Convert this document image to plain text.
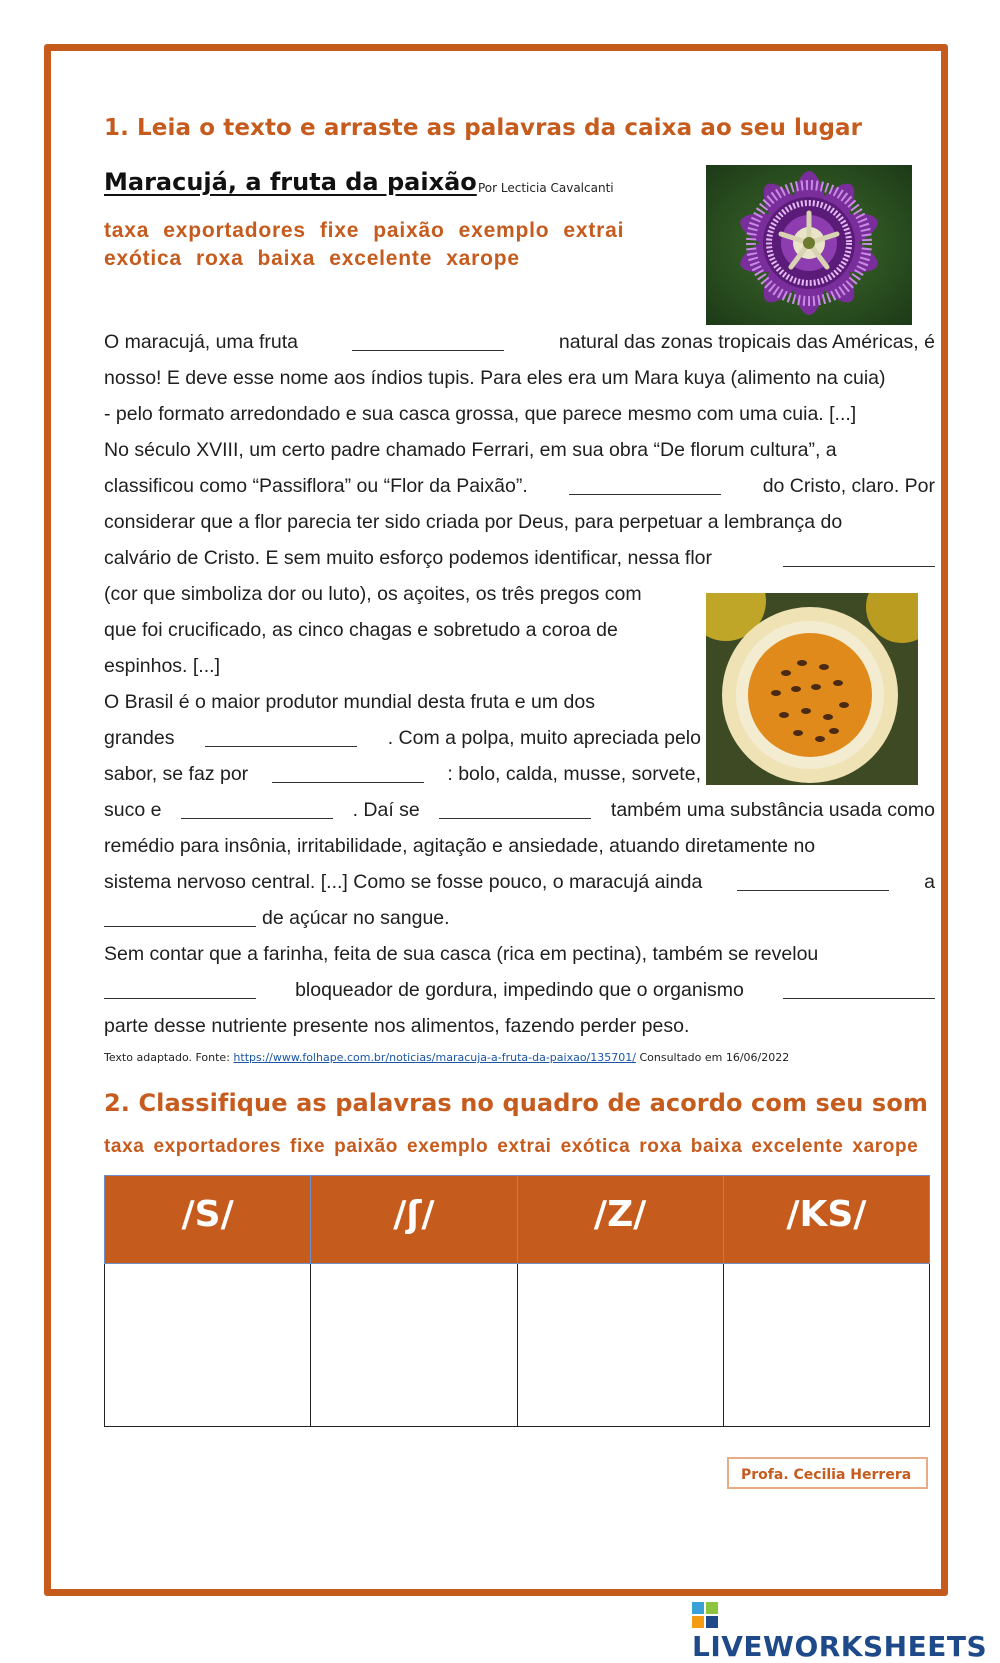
1. Leia o texto e arraste as palavras da caixa ao seu lugar
Maracujá, a fruta da paixão Por Lecticia Cavalcanti
taxa exportadores fixe paixão exemplo extrai
exótica roxa baixa excelente xarope
O maracujá, uma fruta	natural das zonas tropicais das Américas, é
nosso! E deve esse nome aos índios tupis. Para eles era um Mara kuya (alimento na cuia)
- pelo formato arredondado e sua casca grossa, que parece mesmo com uma cuia. [...]
No século XVIII, um certo padre chamado Ferrari, em sua obra “De florum cultura”, a
classificou como “Passiflora” ou “Flor da Paixão”.	do Cristo, claro. Por
considerar que a flor parecia ter sido criada por Deus, para perpetuar a lembrança do
calvário de Cristo. E sem muito esforço podemos identificar, nessa flor
(cor que simboliza dor ou luto), os açoites, os três pregos com
que foi crucificado, as cinco chagas e sobretudo a coroa de
espinhos. [...]
O Brasil é o maior produtor mundial desta fruta e um dos
grandes	. Com a polpa, muito apreciada pelo
sabor, se faz por	: bolo, calda, musse, sorvete,
suco e	. Daí se	também uma substância usada como
remédio para insônia, irritabilidade, agitação e ansiedade, atuando diretamente no
sistema nervoso central. [...] Como se fosse pouco, o maracujá ainda	a
de açúcar no sangue.
Sem contar que a farinha, feita de sua casca (rica em pectina), também se revelou
bloqueador de gordura, impedindo que o organismo
parte desse nutriente presente nos alimentos, fazendo perder peso.
Texto adaptado. Fonte: https://www.folhape.com.br/noticias/maracuja-a-fruta-da-paixao/135701/ Consultado em 16/06/2022
2. Classifique as palavras no quadro de acordo com seu som
taxa exportadores fixe paixão exemplo extrai exótica roxa baixa excelente xarope
/S/	/ʃ/	/Z/	/KS/

Profa. Cecilia Herrera
LIVEWORKSHEETS
